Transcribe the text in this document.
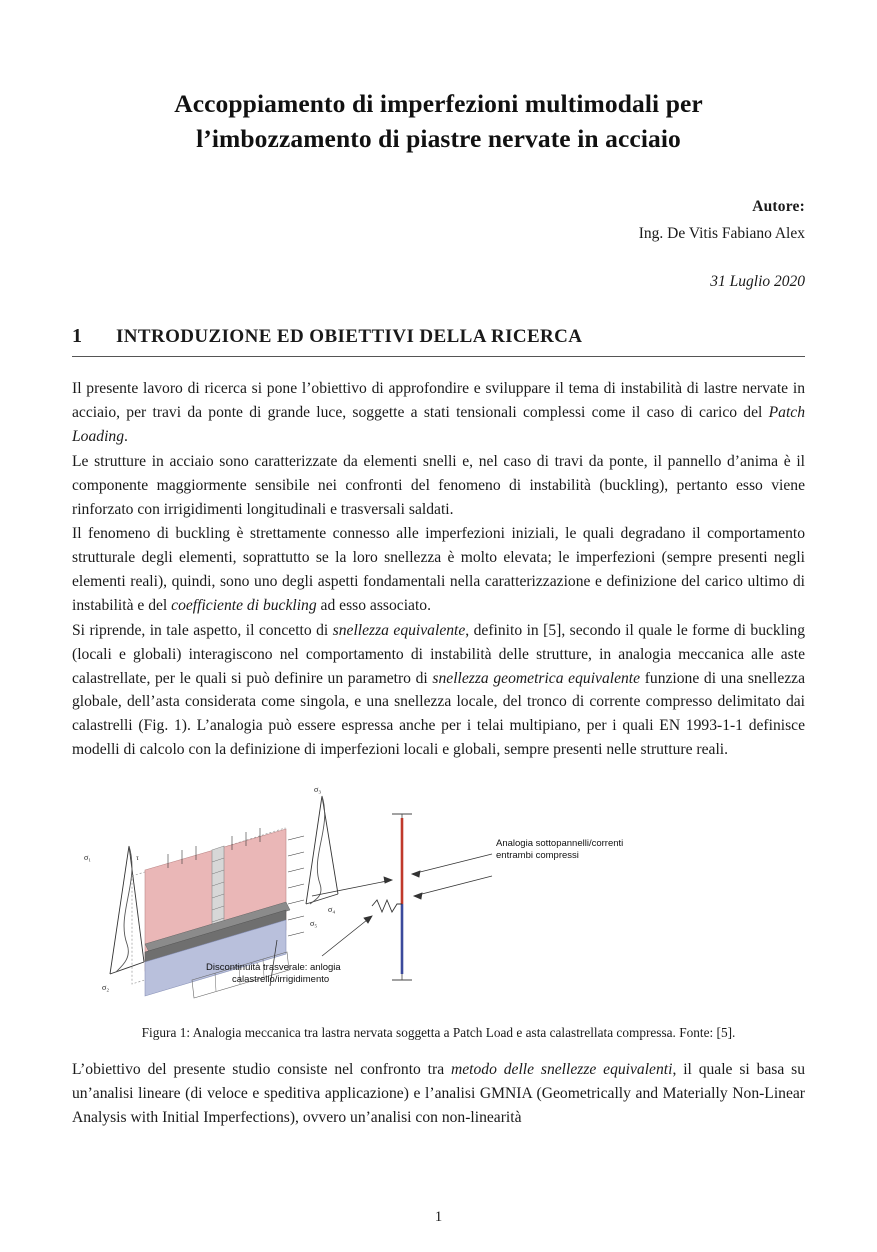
Accoppiamento di imperfezioni multimodali per
l’imbozzamento di piastre nervate in acciaio
Autore:
Ing. De Vitis Fabiano Alex
31 Luglio 2020
1	INTRODUZIONE ED OBIETTIVI DELLA RICERCA

Il presente lavoro di ricerca si pone l’obiettivo di approfondire e sviluppare il tema di instabilità di lastre nervate in acciaio, per travi da ponte di grande luce, soggette a stati tensionali complessi come il caso di carico del Patch Loading.

Le strutture in acciaio sono caratterizzate da elementi snelli e, nel caso di travi da ponte, il pannello d’anima è il componente maggiormente sensibile nei confronti del fenomeno di instabilità (buckling), pertanto esso viene rinforzato con irrigidimenti longitudinali e trasversali saldati.

Il fenomeno di buckling è strettamente connesso alle imperfezioni iniziali, le quali degradano il comportamento strutturale degli elementi, soprattutto se la loro snellezza è molto elevata; le imperfezioni (sempre presenti negli elementi reali), quindi, sono uno degli aspetti fondamentali nella caratterizzazione e definizione del carico ultimo di instabilità e del coefficiente di buckling ad esso associato.

Si riprende, in tale aspetto, il concetto di snellezza equivalente, definito in [5], secondo il quale le forme di buckling (locali e globali) interagiscono nel comportamento di instabilità delle strutture, in analogia meccanica alle aste calastrellate, per le quali si può definire un parametro di snellezza geometrica equivalente funzione di una snellezza globale, dell’asta considerata come singola, e una snellezza locale, del tronco di corrente compresso delimitato dai calastrelli (Fig. 1). L’analogia può essere espressa anche per i telai multipiano, per i quali EN 1993-1-1 definisce modelli di calcolo con la definizione di imperfezioni locali e globali, sempre presenti nelle strutture reali.

σ₁
σ₂
τ
σ₃
σ₄
σ₅
Analogia sottopannelli/correnti
entrambi compressi
Discontinuità trasverale: anlogia
calastrello/irrigidimento
Figura 1: Analogia meccanica tra lastra nervata soggetta a Patch Load e asta calastrellata compressa. Fonte: [5].

L’obiettivo del presente studio consiste nel confronto tra metodo delle snellezze equivalenti, il quale si basa su un’analisi lineare (di veloce e speditiva applicazione) e l’analisi GMNIA (Geometrically and Materially Non-Linear Analysis with Initial Imperfections), ovvero un’analisi con non-linearità

1
